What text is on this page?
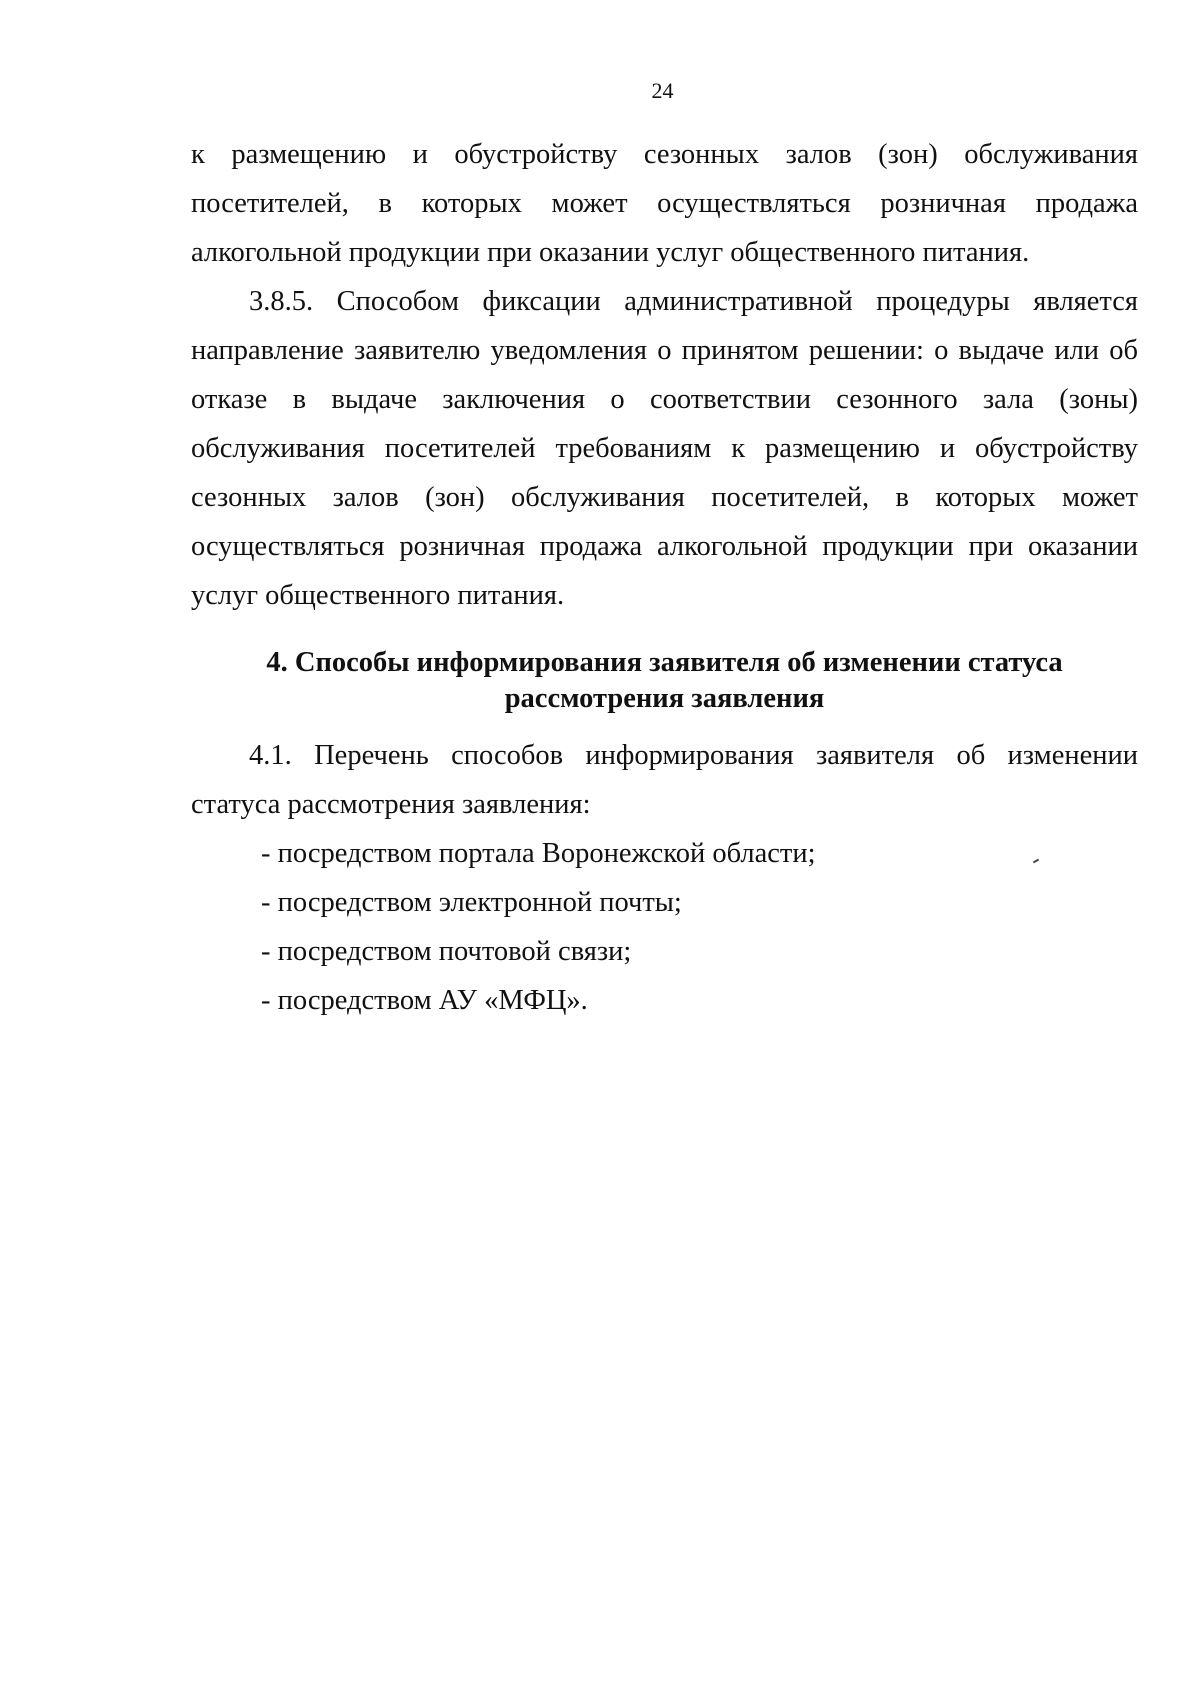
24

к размещению и обустройству сезонных залов (зон) обслуживания посетителей, в которых может осуществляться розничная продажа алкогольной продукции при оказании услуг общественного питания.

3.8.5. Способом фиксации административной процедуры является направление заявителю уведомления о принятом решении: о выдаче или об отказе в выдаче заключения о соответствии сезонного зала (зоны) обслуживания посетителей требованиям к размещению и обустройству сезонных залов (зон) обслуживания посетителей, в которых может осуществляться розничная продажа алкогольной продукции при оказании услуг общественного питания.

4. Способы информирования заявителя об изменении статуса
рассмотрения заявления

4.1. Перечень способов информирования заявителя об изменении статуса рассмотрения заявления:

- посредством портала Воронежской области;
- посредством электронной почты;
- посредством почтовой связи;
- посредством АУ «МФЦ».
